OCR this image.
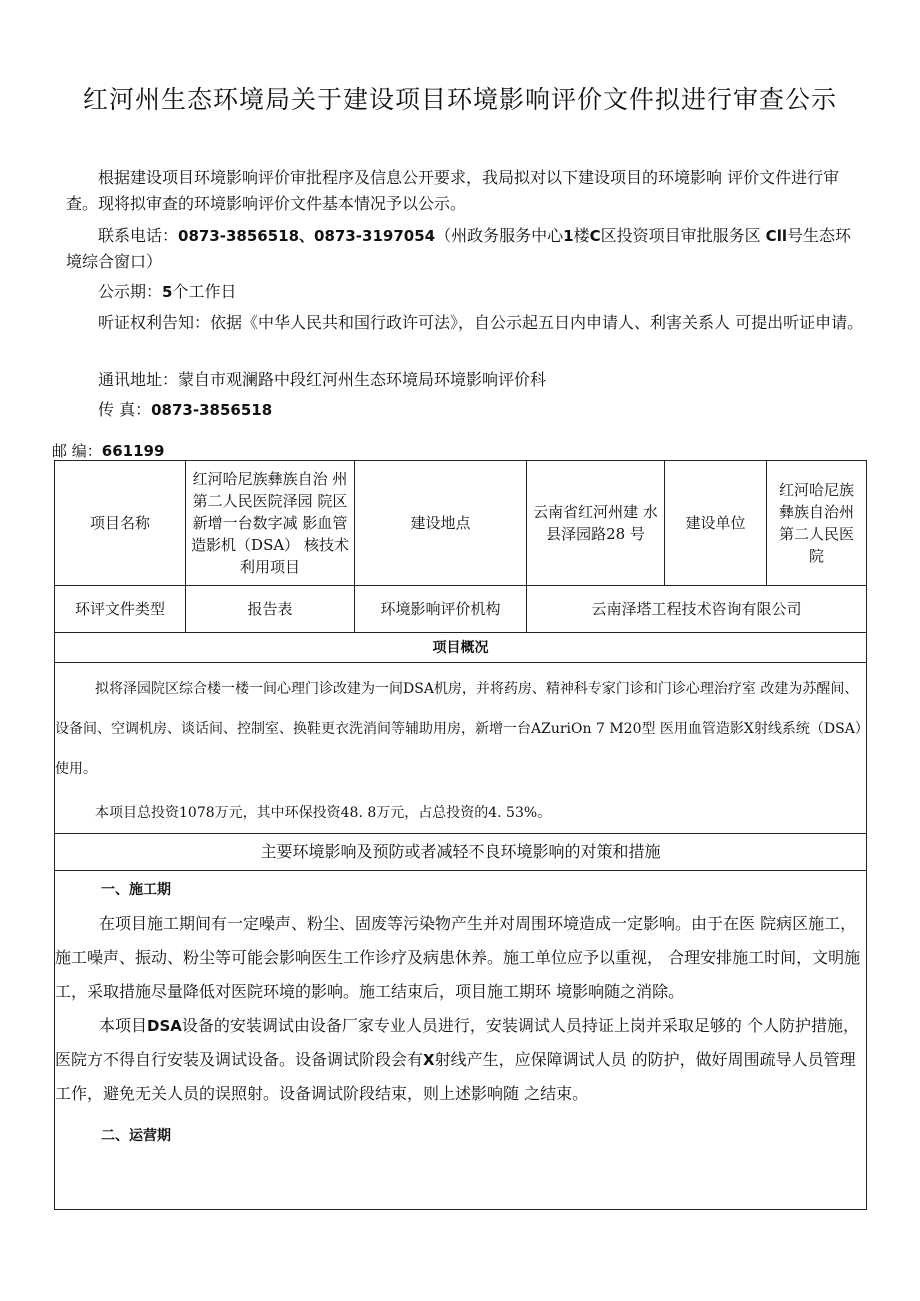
红河州生态环境局关于建设项目环境影响评价文件拟进行审查公示
根据建设项目环境影响评价审批程序及信息公开要求，我局拟对以下建设项目的环境影响 评价文件进行审查。现将拟审查的环境影响评价文件基本情况予以公示。
联系电话：0873-3856518、0873-3197054（州政务服务中心1楼C区投资项目审批服务区 Cll号生态环境综合窗口）
公示期：5个工作日
听证权利告知：依据《中华人民共和国行政许可法》，自公示起五日内申请人、利害关系人 可提出听证申请。
通讯地址：蒙自市观澜路中段红河州生态环境局环境影响评价科
传 真：0873-3856518
邮 编：661199
项目名称	红河哈尼族彝族自治 州第二人民医院泽园 院区新增一台数字减 影血管造影机（DSA） 核技术利用项目	建设地点	云南省红河州建 水县泽园路28 号	建设单位	红河哈尼族 彝族自治州 第二人民医 院
环评文件类型	报告表	环境影响评价机构	云南泽塔工程技术咨询有限公司		
项目概况					

拟将泽园院区综合楼一楼一间心理门诊改建为一间DSA机房，并将药房、精神科专家门诊和门诊心理治疗室 改建为苏醒间、设备间、空调机房、谈话间、控制室、换鞋更衣洗消间等辅助用房，新增一台AZuriOn 7 M20型 医用血管造影X射线系统（DSA）使用。

本项目总投资1078万元，其中环保投资48. 8万元，占总投资的4. 53%。					

主要环境影响及预防或者减轻不良环境影响的对策和措施					

一、施工期

在项目施工期间有一定噪声、粉尘、固废等污染物产生并对周围环境造成一定影响。由于在医 院病区施工，施工噪声、振动、粉尘等可能会影响医生工作诊疗及病患休养。施工单位应予以重视， 合理安排施工时间，文明施工，采取措施尽量降低对医院环境的影响。施工结束后，项目施工期环 境影响随之消除。

本项目DSA设备的安装调试由设备厂家专业人员进行，安装调试人员持证上岗并采取足够的 个人防护措施，医院方不得自行安装及调试设备。设备调试阶段会有X射线产生，应保障调试人员 的防护，做好周围疏导人员管理工作，避免无关人员的误照射。设备调试阶段结束，则上述影响随 之结束。

二、运营期					
